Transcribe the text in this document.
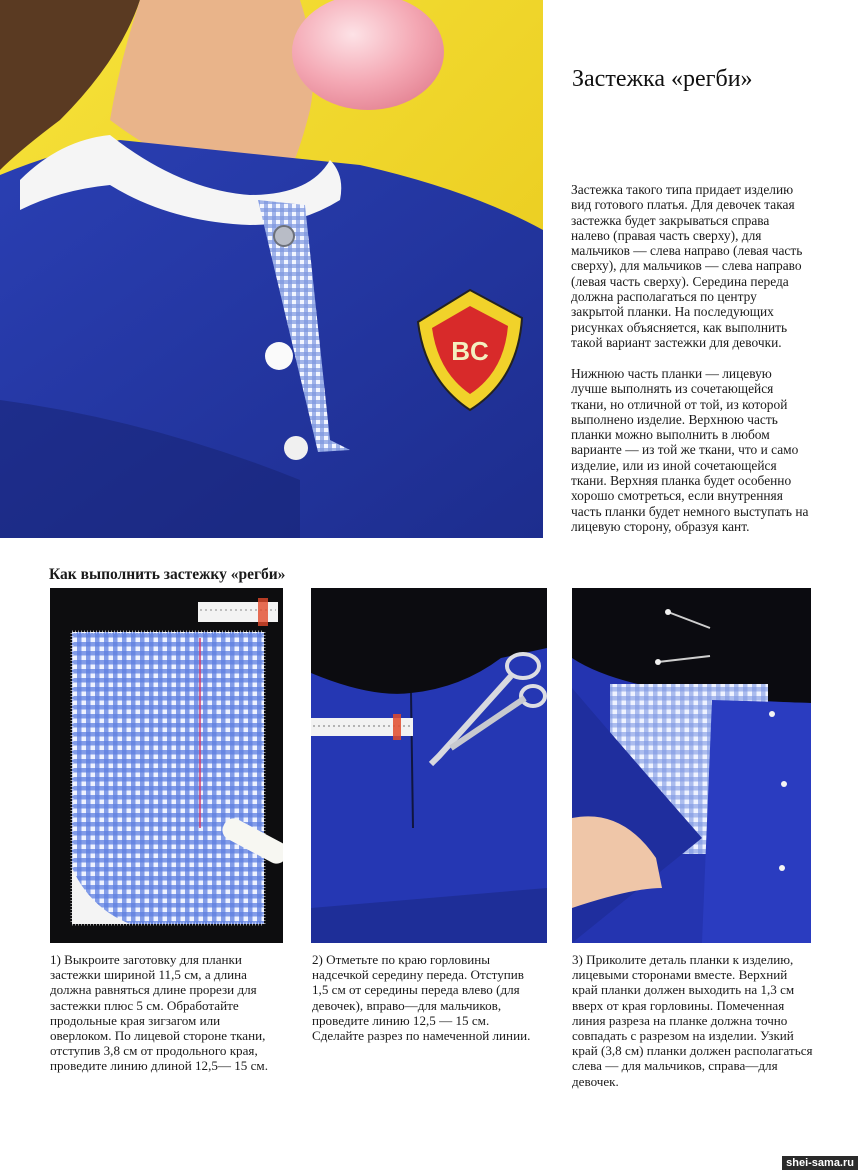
BC
Застежка «регби»

Застежка такого типа придает изделию вид готового платья. Для девочек такая застежка будет закрываться справа налево (правая часть сверху), для мальчиков — слева направо (левая часть сверху), для мальчиков — слева направо (левая часть сверху). Середина переда должна располагаться по центру закрытой планки. На последующих рисунках объясняется, как выполнить такой вариант застежки для девочки.

Нижнюю часть планки — лицевую лучше выполнять из сочетающейся ткани, но отличной от той, из которой выполнено изделие. Верхнюю часть планки можно выполнить в любом варианте — из той же ткани, что и само изделие, или из иной сочетающейся ткани. Верхняя планка будет особенно хорошо смотреться, если внутренняя часть планки будет немного выступать на лицевую сторону, образуя кант.

Как выполнить застежку «регби»

1) Выкроите заготовку для планки застежки шириной 11,5 см, а длина должна равняться длине прорези для застежки плюс 5 см. Обработайте продольные края зигзагом или оверлоком. По лицевой стороне ткани, отступив 3,8 см от продольного края, проведите линию длиной 12,5— 15 см.

2) Отметьте по краю горловины надсечкой середину переда. Отступив 1,5 см от середины переда влево (для девочек), вправо—для мальчиков, проведите линию 12,5 — 15 см. Сделайте разрез по намеченной линии.

3) Приколите деталь планки к изделию, лицевыми сторонами вместе. Верхний край планки должен выходить на 1,3 см вверх от края горловины. Помеченная линия разреза на планке должна точно совпадать с разрезом на изделии. Узкий край (3,8 см) планки должен располагаться слева — для мальчиков, справа—для девочек.

shei-sama.ru
